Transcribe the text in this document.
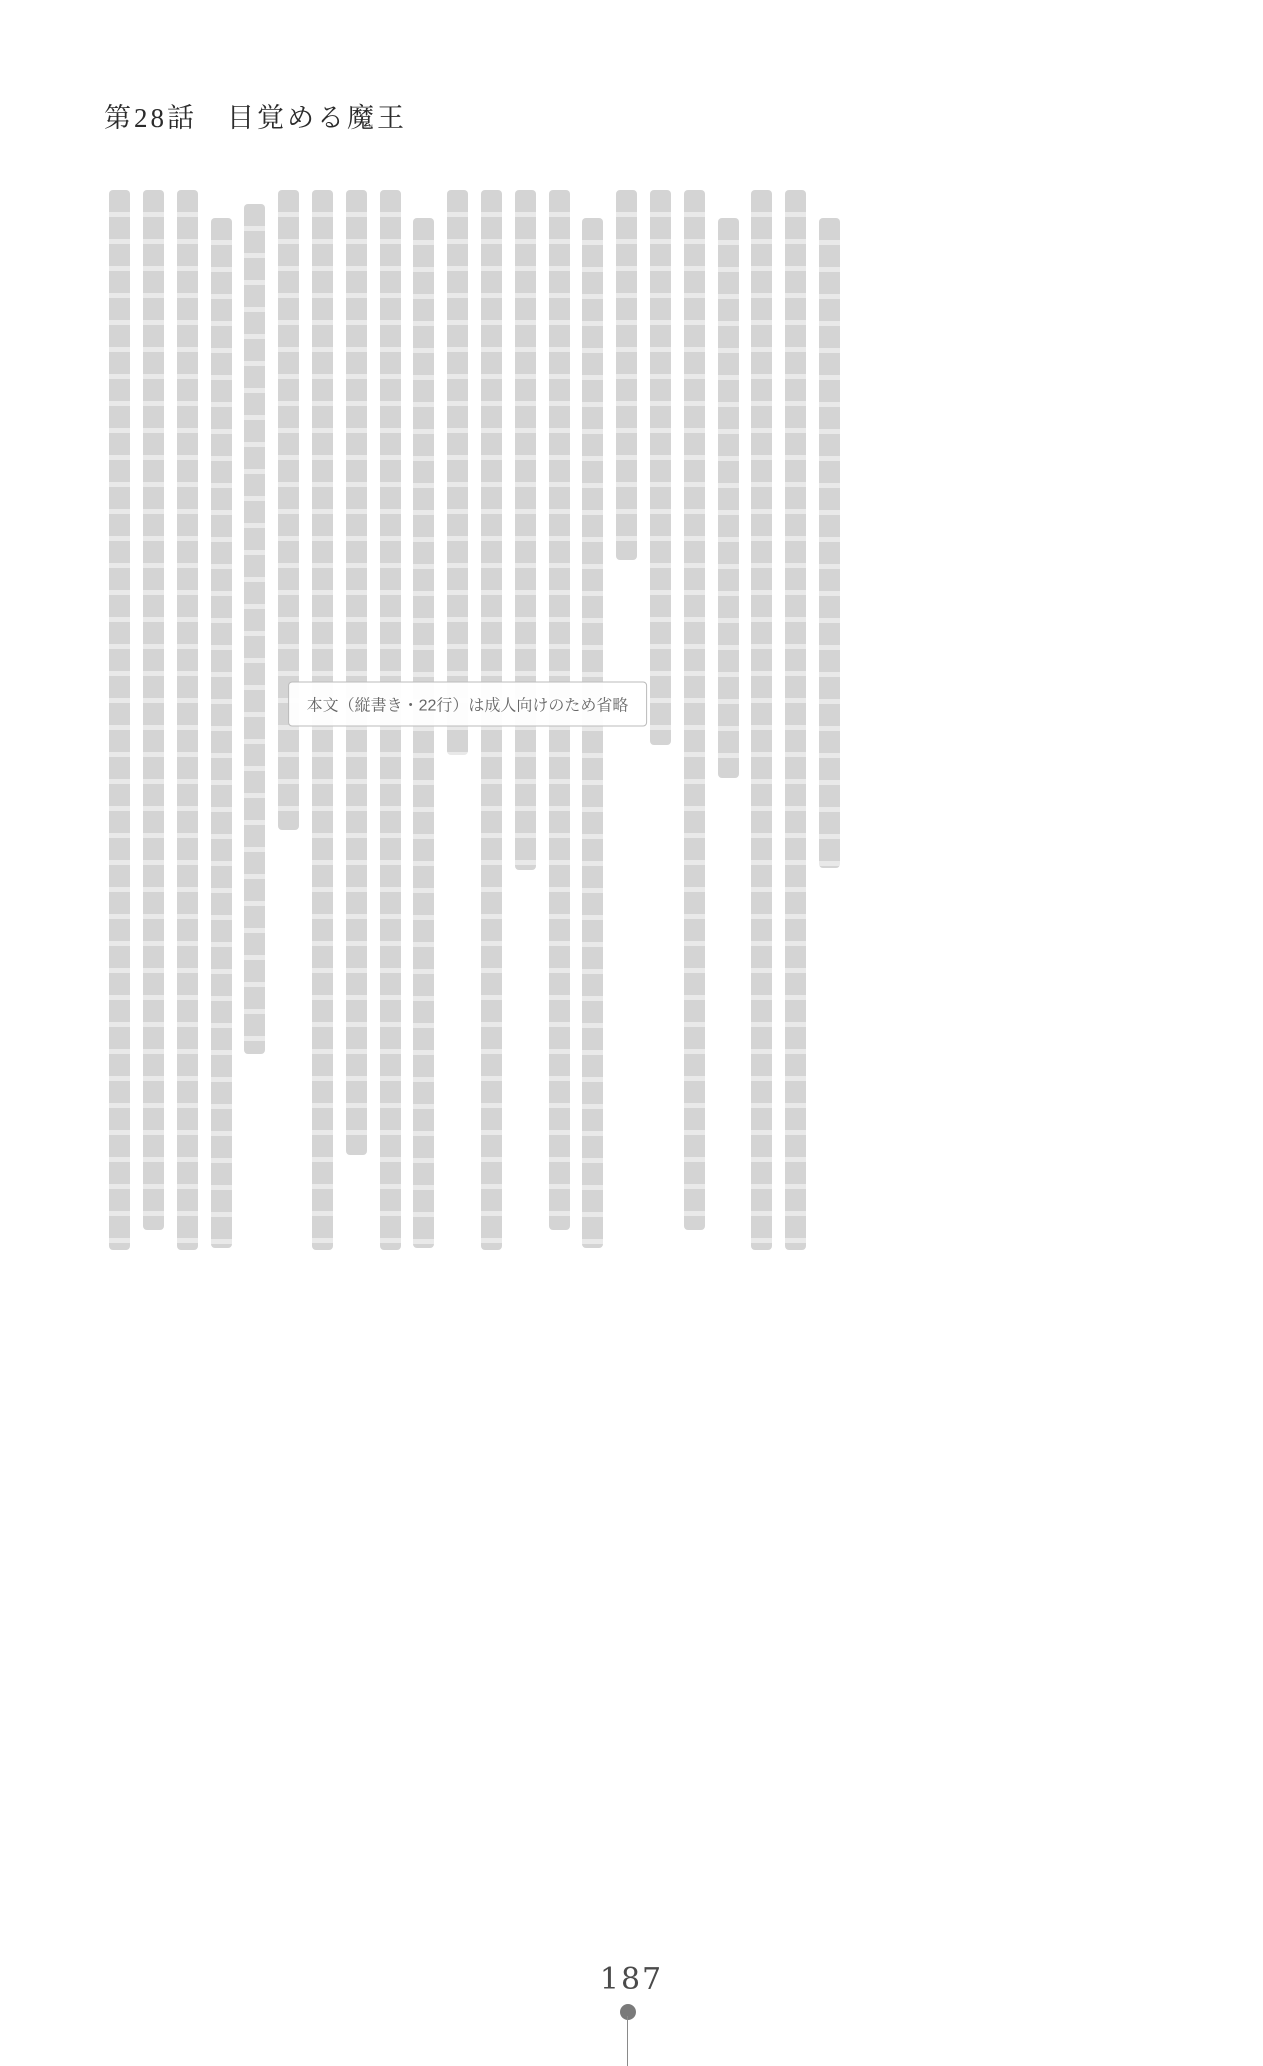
第28話　目覚める魔王
本文（縦書き・22行）は成人向けのため省略
187
